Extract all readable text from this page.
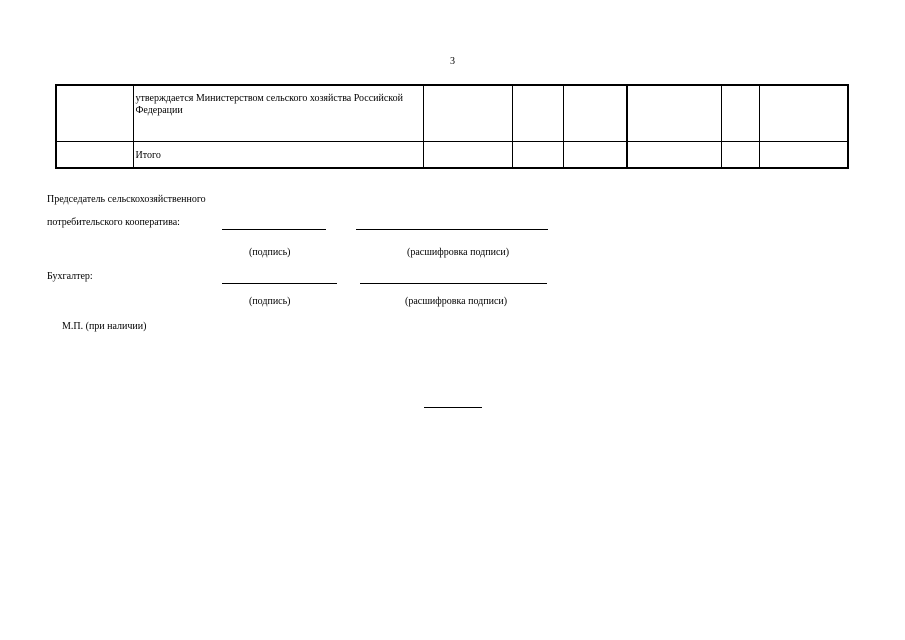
3
	утверждается Министерством сельского хозяйства Российской Федерации						
	Итого						
Председатель сельскохозяйственного
потребительского кооператива:
(подпись)	(расшифровка подписи)
Бухгалтер:
(подпись)	(расшифровка подписи)
М.П. (при наличии)
